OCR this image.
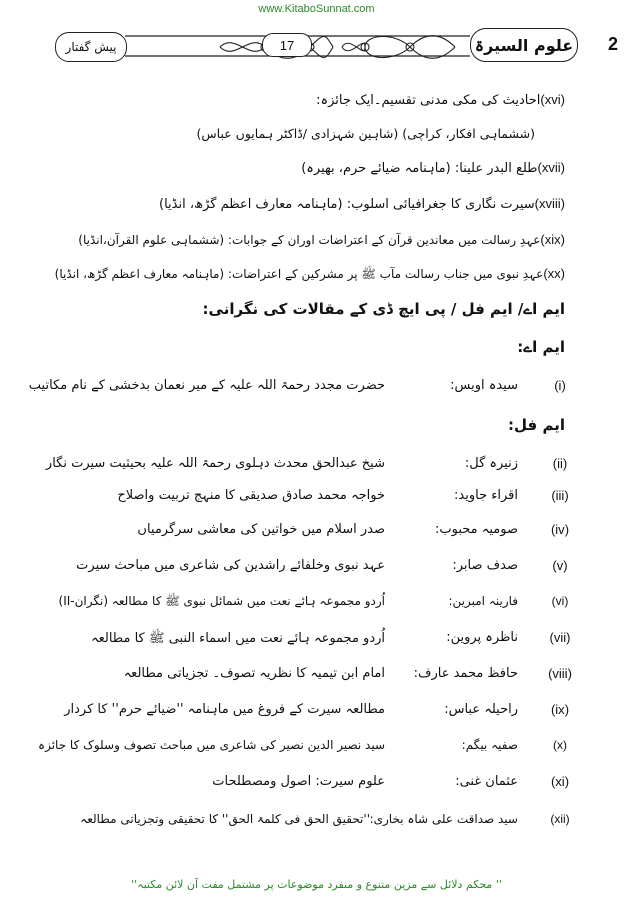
www.KitaboSunnat.com
پیش گفتار	17	علوم السیرۃ 2
(xvi)احادیث کی مکی مدنی تقسیم۔ایک جائزہ:
(ششماہی افکار، کراچی) (شاہین شہزادی /ڈاکٹر ہمایوں عباس)
(xvii)طلع البدر علینا: (ماہنامہ ضیائے حرم، بھیرہ)
(xviii)سیرت نگاری کا جغرافیائی اسلوب: (ماہنامہ معارف اعظم گڑھ، انڈیا)
(xix)عہدِ رسالت میں معاندین قرآن کے اعتراضات اوران کے جوابات: (ششماہی علوم القرآن،انڈیا)
(xx)عہدِ نبوی میں جناب رسالت مآب ﷺ پر مشرکین کے اعتراضات: (ماہنامہ معارف اعظم گڑھ، انڈیا)
ایم اے/ ایم فل / پی ایچ ڈی کے مقالات کی نگرانی:
ایم اے:
(i)
سیدہ اویس:
حضرت مجدد رحمۃ اللہ علیہ کے میر نعمان بدخشی کے نام مکاتیب
ایم فل:
(ii)
زنیرہ گل:
شیخ عبدالحق محدث دہلوی رحمۃ اللہ علیہ بحیثیت سیرت نگار
(iii)
اقراء جاوید:
خواجہ محمد صادق صدیقی کا منہج تربیت واصلاح
(iv)
صومیہ محبوب:
صدر اسلام میں خواتین کی معاشی سرگرمیاں
(v)
صدف صابر:
عہد نبوی وخلفائے راشدین کی شاعری میں مباحث سیرت
(vi)
فارینہ امبرین:
اُردو مجموعہ ہائے نعت میں شمائل نبوی ﷺ کا مطالعہ (نگران-II)
(vii)
ناظرہ پروین:
اُردو مجموعہ ہائے نعت میں اسماء النبی ﷺ کا مطالعہ
(viii)
حافظ محمد عارف:
امام ابن تیمیہ کا نظریہ تصوف۔ تجزیاتی مطالعہ
(ix)
راحیلہ عباس:
مطالعہ سیرت کے فروغ میں ماہنامہ ''ضیائے حرم'' کا کردار
(x)
صفیہ بیگم:
سید نصیر الدین نصیر کی شاعری میں مباحث تصوف وسلوک کا جائزہ
(xi)
عثمان غنی:
علوم سیرت: اصول ومصطلحات
(xii)
سید صداقت علی شاہ بخاری:
''تحقیق الحق فی کلمۃ الحق'' کا تحقیقی وتجزیاتی مطالعہ
'' محکم دلائل سے مزین متنوع و منفرد موضوعات پر مشتمل مفت آن لائن مکتبہ''
